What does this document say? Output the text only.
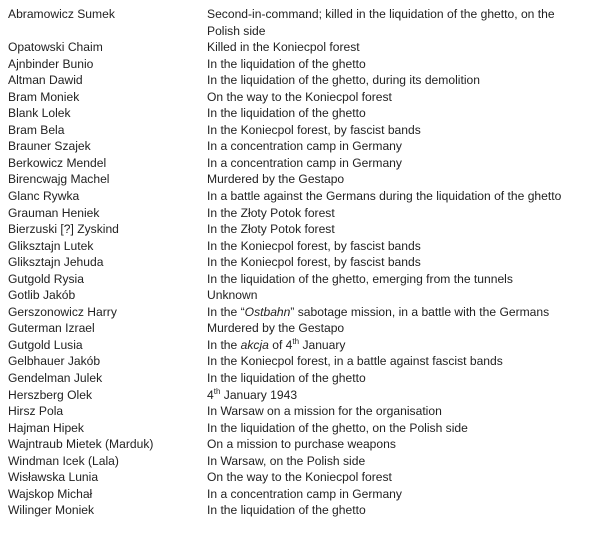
Abramowicz Sumek	Second-in-command; killed in the liquidation of the ghetto, on the Polish side
Opatowski Chaim	Killed in the Koniecpol forest
Ajnbinder Bunio	In the liquidation of the ghetto
Altman Dawid	In the liquidation of the ghetto, during its demolition
Bram Moniek	On the way to the Koniecpol forest
Blank Lolek	In the liquidation of the ghetto
Bram Bela	In the Koniecpol forest, by fascist bands
Brauner Szajek	In a concentration camp in Germany
Berkowicz Mendel	In a concentration camp in Germany
Birencwajg Machel	Murdered by the Gestapo
Glanc Rywka	In a battle against the Germans during the liquidation of the ghetto
Grauman Heniek	In the Złoty Potok forest
Bierzuski [?] Zyskind	In the Złoty Potok forest
Gliksztajn Lutek	In the Koniecpol forest, by fascist bands
Gliksztajn Jehuda	In the Koniecpol forest, by fascist bands
Gutgold Rysia	In the liquidation of the ghetto, emerging from the tunnels
Gotlib Jakób	Unknown
Gerszonowicz Harry	In the “Ostbahn” sabotage mission, in a battle with the Germans
Guterman Izrael	Murdered by the Gestapo
Gutgold Lusia	In the akcja of 4th January
Gelbhauer Jakób	In the Koniecpol forest, in a battle against fascist bands
Gendelman Julek	In the liquidation of the ghetto
Herszberg Olek	4th January 1943
Hirsz Pola	In Warsaw on a mission for the organisation
Hajman Hipek	In the liquidation of the ghetto, on the Polish side
Wajntraub Mietek (Marduk)	On a mission to purchase weapons
Windman Icek (Lala)	In Warsaw, on the Polish side
Wisławska Lunia	On the way to the Koniecpol forest
Wajskop Michał	In a concentration camp in Germany
Wilinger Moniek	In the liquidation of the ghetto
